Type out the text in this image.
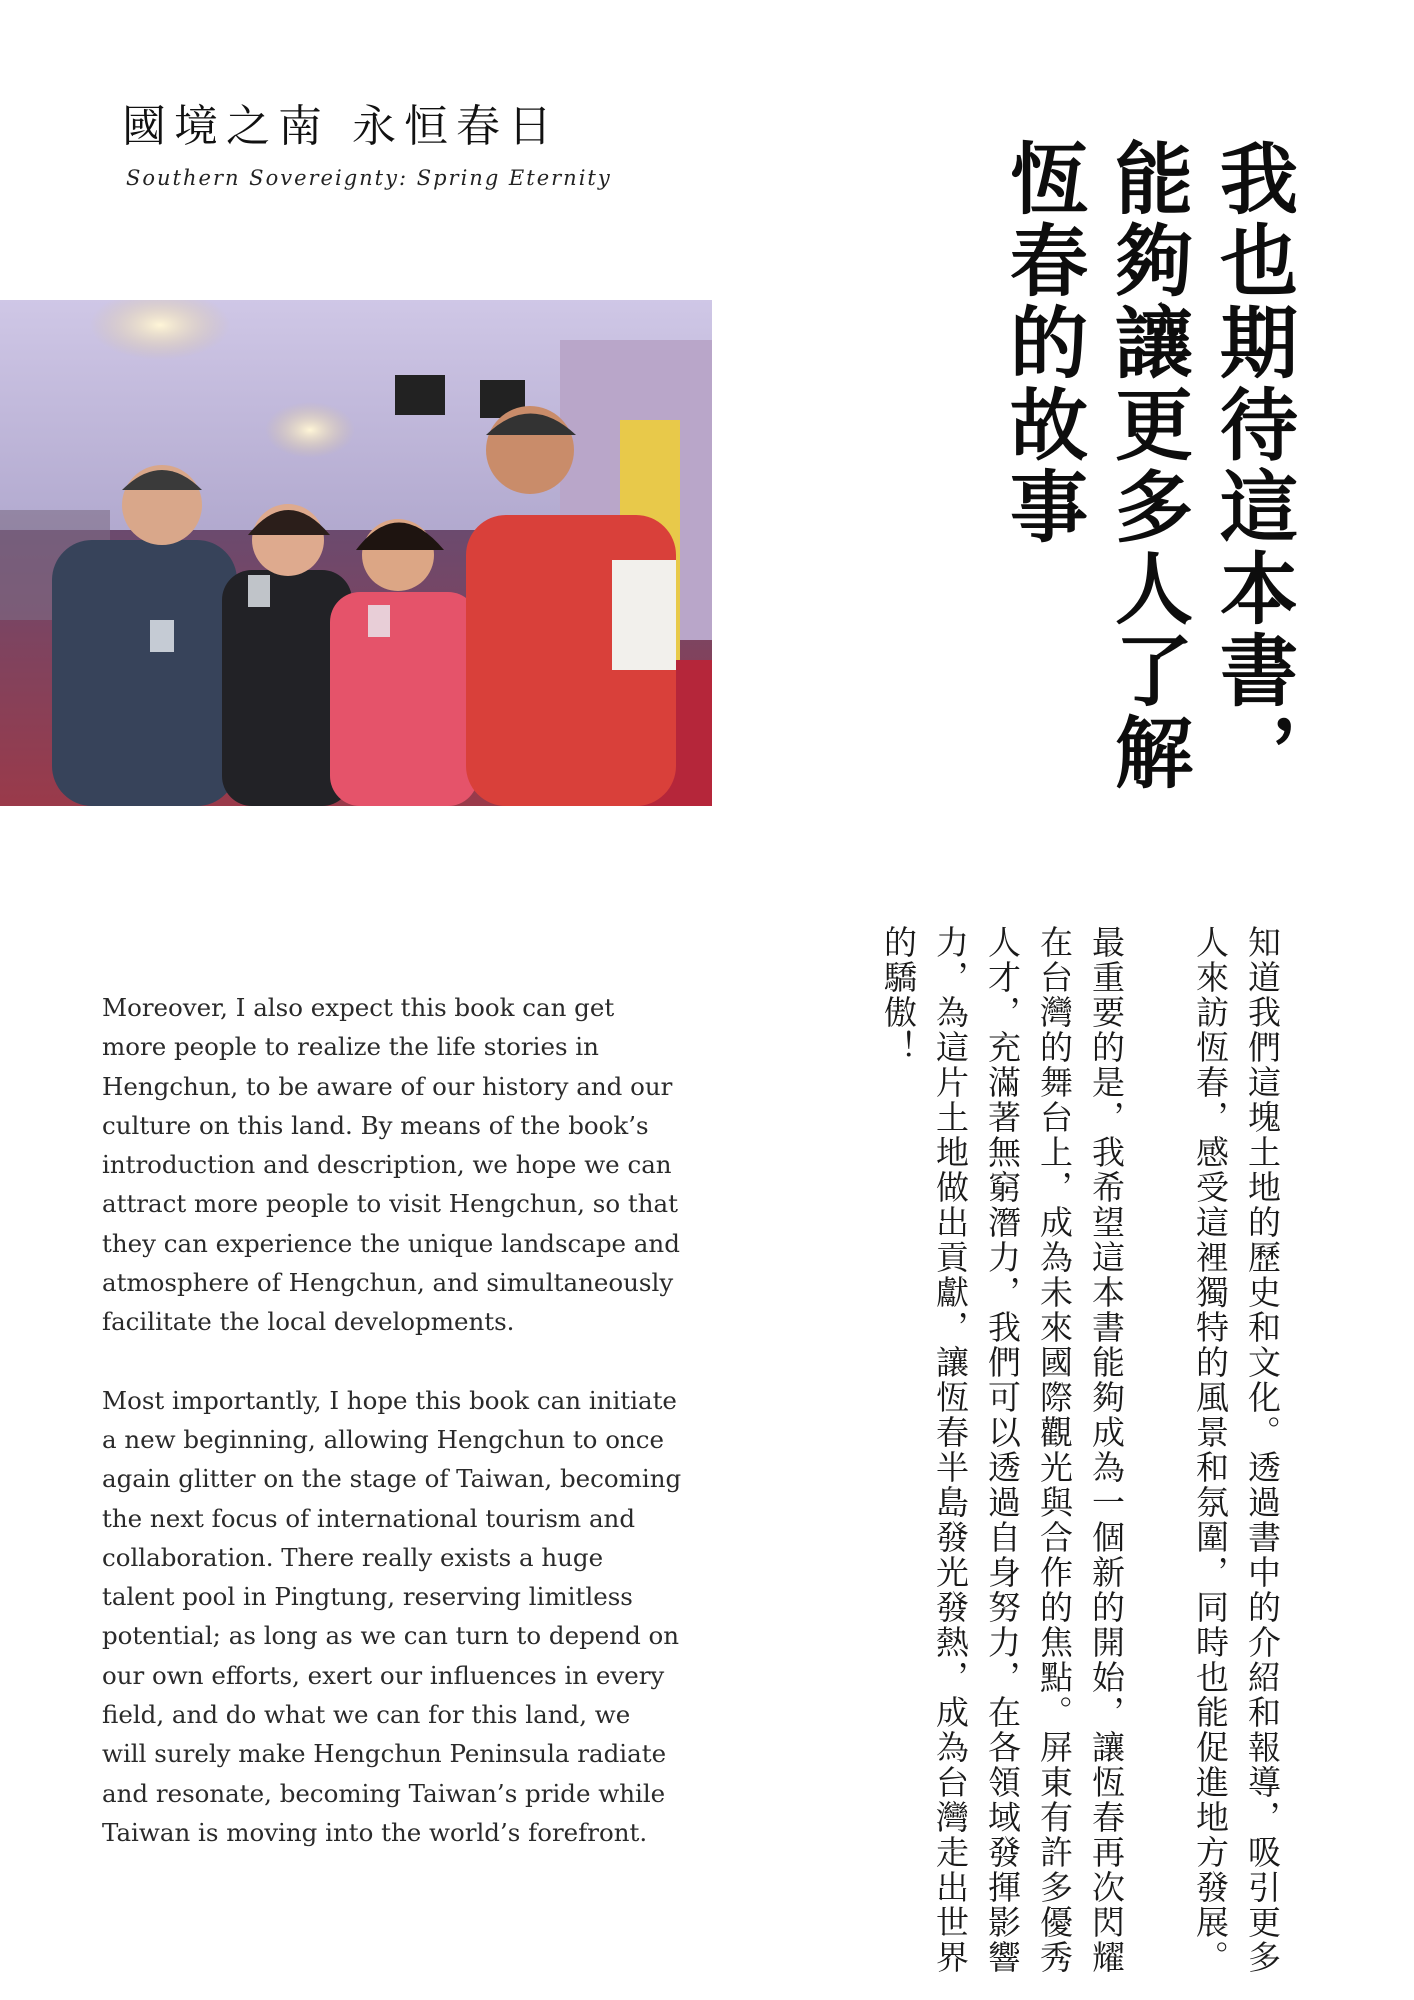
國境之南 永恒春日
Southern Sovereignty: Spring Eternity	我也期待這本書，
能夠讓更多人了解
恆春的故事

知道我們這塊土地的歷史和文化。透過書中的介紹和報導，吸引更多人來訪恆春，感受這裡獨特的風景和氛圍，同時也能促進地方發展。

最重要的是，我希望這本書能夠成為一個新的開始，讓恆春再次閃耀在台灣的舞台上，成為未來國際觀光與合作的焦點。屏東有許多優秀人才，充滿著無窮潛力，我們可以透過自身努力，在各領域發揮影響力，為這片土地做出貢獻，讓恆春半島發光發熱，成為台灣走出世界的驕傲！

Moreover, I also expect this book can get more people to realize the life stories in Hengchun, to be aware of our history and our culture on this land. By means of the book’s introduction and description, we hope we can attract more people to visit Hengchun, so that they can experience the unique landscape and atmosphere of Hengchun, and simultaneously facilitate the local developments.

Most importantly, I hope this book can initiate a new beginning, allowing Hengchun to once again glitter on the stage of Taiwan, becoming the next focus of international tourism and collaboration. There really exists a huge talent pool in Pingtung, reserving limitless potential; as long as we can turn to depend on our own efforts, exert our influences in every field, and do what we can for this land, we will surely make Hengchun Peninsula radiate and resonate, becoming Taiwan’s pride while Taiwan is moving into the world’s forefront.
